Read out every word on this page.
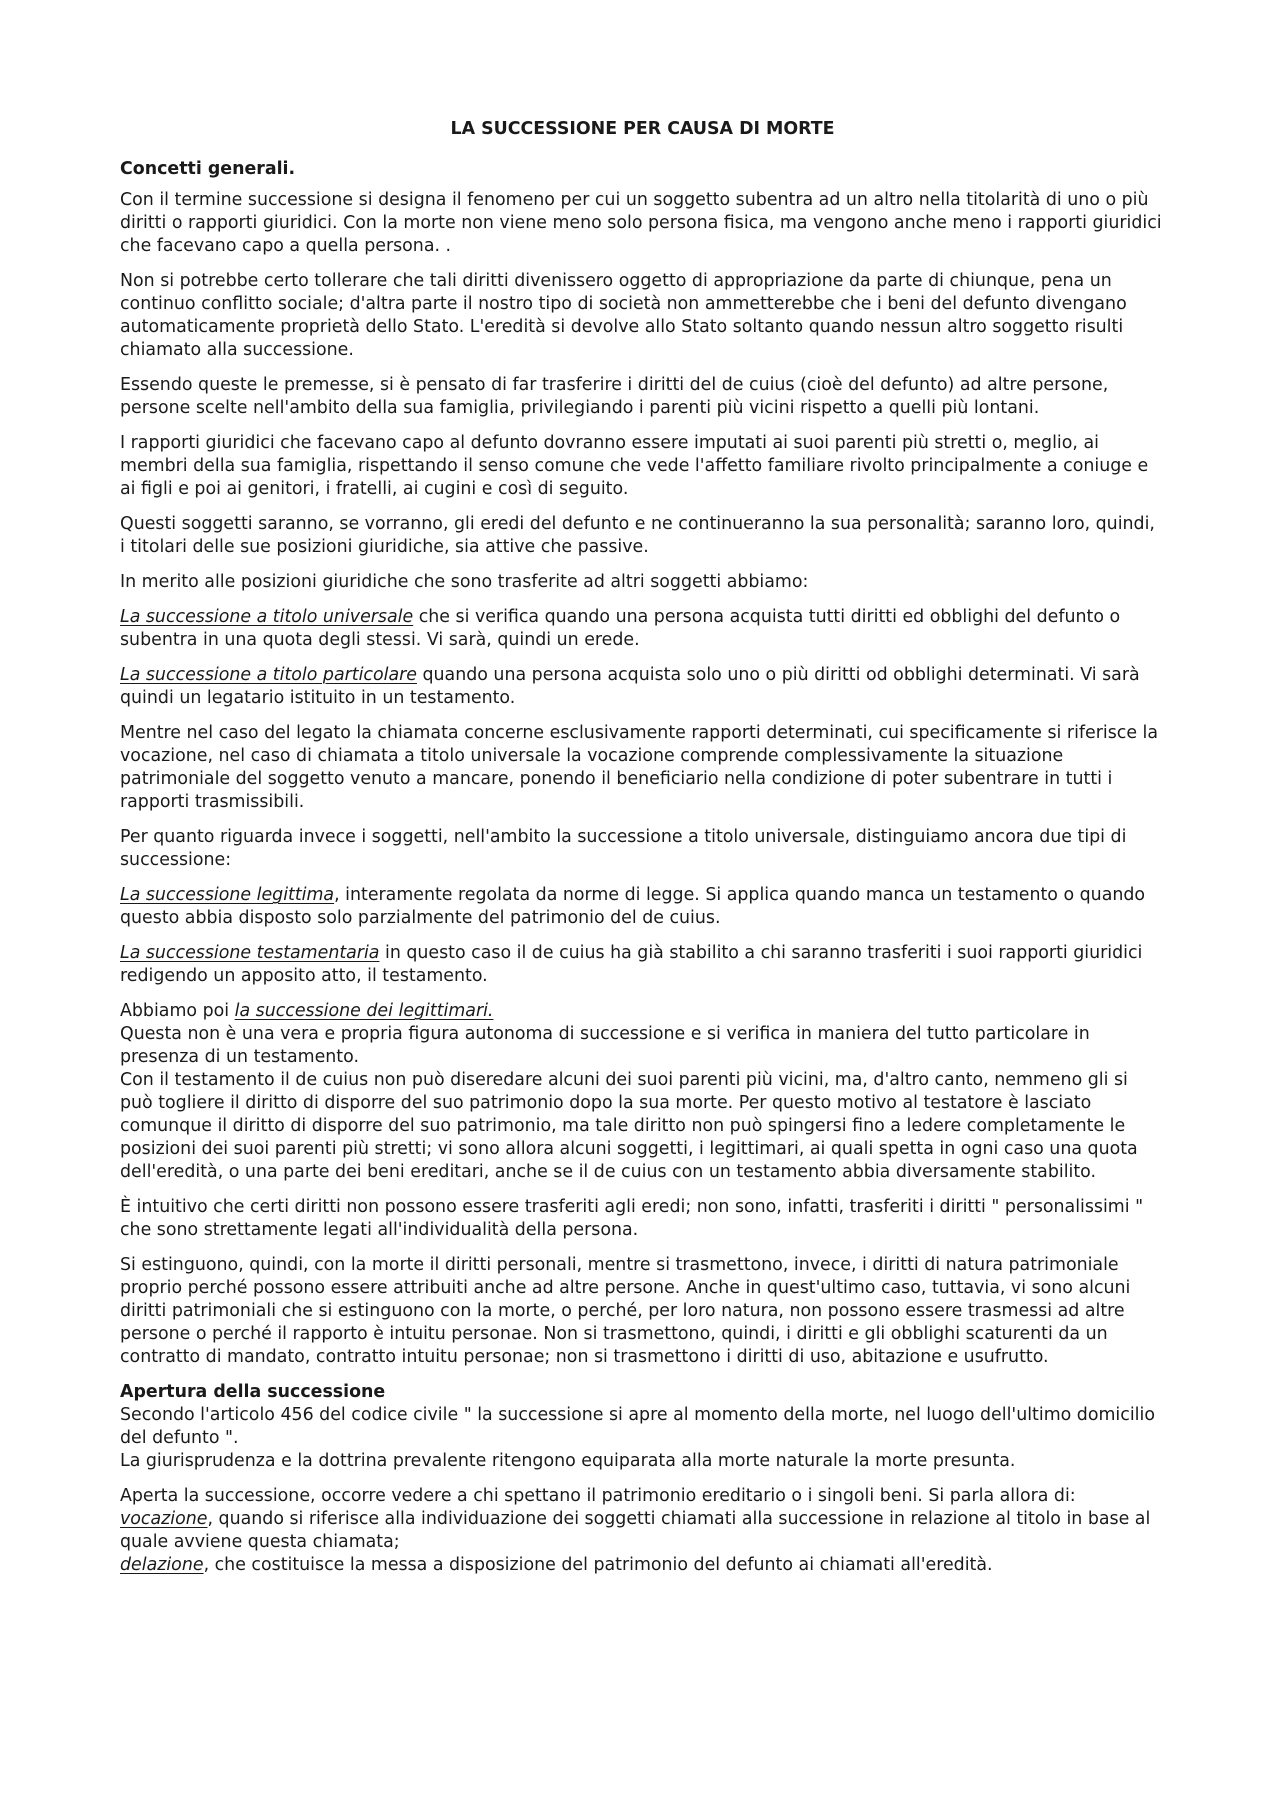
LA SUCCESSIONE PER CAUSA DI MORTE
Concetti generali.

Con il termine successione si designa il fenomeno per cui un soggetto subentra ad un altro nella titolarità di uno o più diritti o rapporti giuridici. Con la morte non viene meno solo persona fisica, ma vengono anche meno i rapporti giuridici che facevano capo a quella persona. .

Non si potrebbe certo tollerare che tali diritti divenissero oggetto di appropriazione da parte di chiunque, pena un continuo conflitto sociale; d'altra parte il nostro tipo di società non ammetterebbe che i beni del defunto divengano automaticamente proprietà dello Stato. L'eredità si devolve allo Stato soltanto quando nessun altro soggetto risulti chiamato alla successione.

Essendo queste le premesse, si è pensato di far trasferire i diritti del de cuius (cioè del defunto) ad altre persone, persone scelte nell'ambito della sua famiglia, privilegiando i parenti più vicini rispetto a quelli più lontani.

I rapporti giuridici che facevano capo al defunto dovranno essere imputati ai suoi parenti più stretti o, meglio, ai membri della sua famiglia, rispettando il senso comune che vede l'affetto familiare rivolto principalmente a coniuge e ai figli e poi ai genitori, i fratelli, ai cugini e così di seguito.

Questi soggetti saranno, se vorranno, gli eredi del defunto e ne continueranno la sua personalità; saranno loro, quindi, i titolari delle sue posizioni giuridiche, sia attive che passive.

In merito alle posizioni giuridiche che sono trasferite ad altri soggetti abbiamo:

La successione a titolo universale che si verifica quando una persona acquista tutti diritti ed obblighi del defunto o subentra in una quota degli stessi. Vi sarà, quindi un erede.

La successione a titolo particolare quando una persona acquista solo uno o più diritti od obblighi determinati. Vi sarà quindi un legatario istituito in un testamento.

Mentre nel caso del legato la chiamata concerne esclusivamente rapporti determinati, cui specificamente si riferisce la vocazione, nel caso di chiamata a titolo universale la vocazione comprende complessivamente la situazione patrimoniale del soggetto venuto a mancare, ponendo il beneficiario nella condizione di poter subentrare in tutti i rapporti trasmissibili.

Per quanto riguarda invece i soggetti, nell'ambito la successione a titolo universale, distinguiamo ancora due tipi di successione:

La successione legittima, interamente regolata da norme di legge. Si applica quando manca un testamento o quando questo abbia disposto solo parzialmente del patrimonio del de cuius.

La successione testamentaria in questo caso il de cuius ha già stabilito a chi saranno trasferiti i suoi rapporti giuridici redigendo un apposito atto, il testamento.

Abbiamo poi la successione dei legittimari.
Questa non è una vera e propria figura autonoma di successione e si verifica in maniera del tutto particolare in presenza di un testamento.
Con il testamento il de cuius non può diseredare alcuni dei suoi parenti più vicini, ma, d'altro canto, nemmeno gli si può togliere il diritto di disporre del suo patrimonio dopo la sua morte. Per questo motivo al testatore è lasciato comunque il diritto di disporre del suo patrimonio, ma tale diritto non può spingersi fino a ledere completamente le posizioni dei suoi parenti più stretti; vi sono allora alcuni soggetti, i legittimari, ai quali spetta in ogni caso una quota dell'eredità, o una parte dei beni ereditari, anche se il de cuius con un testamento abbia diversamente stabilito.

È intuitivo che certi diritti non possono essere trasferiti agli eredi; non sono, infatti, trasferiti i diritti " personalissimi " che sono strettamente legati all'individualità della persona.

Si estinguono, quindi, con la morte il diritti personali, mentre si trasmettono, invece, i diritti di natura patrimoniale proprio perché possono essere attribuiti anche ad altre persone. Anche in quest'ultimo caso, tuttavia, vi sono alcuni diritti patrimoniali che si estinguono con la morte, o perché, per loro natura, non possono essere trasmessi ad altre persone o perché il rapporto è intuitu personae. Non si trasmettono, quindi, i diritti e gli obblighi scaturenti da un contratto di mandato, contratto intuitu personae; non si trasmettono i diritti di uso, abitazione e usufrutto.

Apertura della successione
Secondo l'articolo 456 del codice civile " la successione si apre al momento della morte, nel luogo dell'ultimo domicilio del defunto ".
La giurisprudenza e la dottrina prevalente ritengono equiparata alla morte naturale la morte presunta.
Aperta la successione, occorre vedere a chi spettano il patrimonio ereditario o i singoli beni. Si parla allora di:
vocazione, quando si riferisce alla individuazione dei soggetti chiamati alla successione in relazione al titolo in base al quale avviene questa chiamata;
delazione, che costituisce la messa a disposizione del patrimonio del defunto ai chiamati all'eredità.
